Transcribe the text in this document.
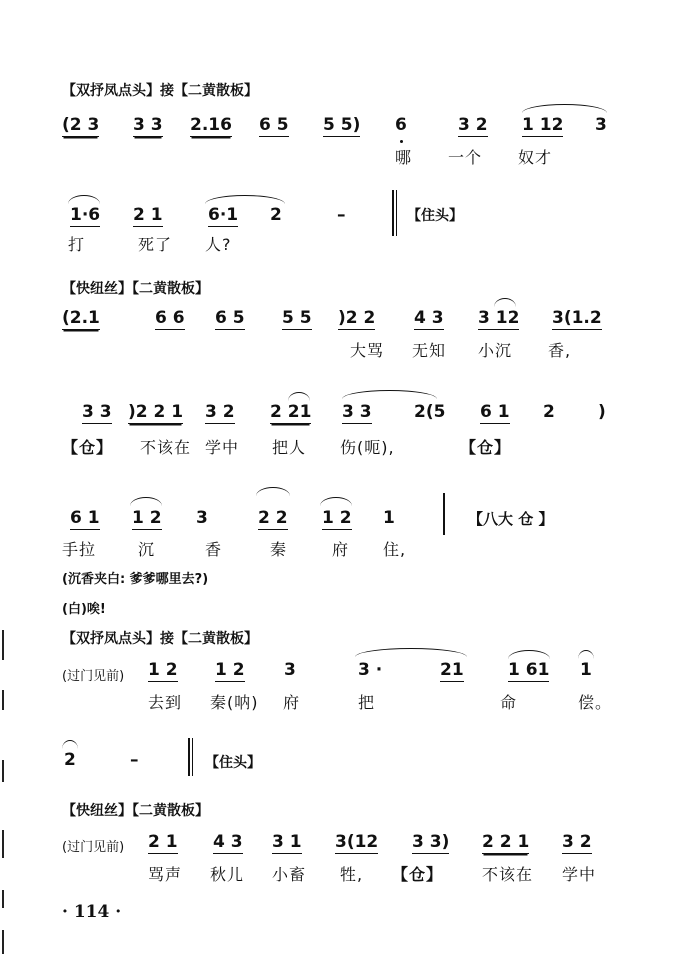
【双抒凤点头】接【二黄散板】
(2 3 3 3 2.16 6 5 5 5) 6	3 2 1 12 3
哪 一个 奴才
1·6 2 1	6·1 2	–	【住头】
打	死了 人?
【快纽丝】【二黄散板】
(2.1	6 6 6 5 5 5 )2 2 4 3 3 12 3(1.2
大骂 无知 小沉 香,
3 3 )2 2 1 3 2 2 21 3 3 2(5 6 1 2	)
【仓】 不该在 学中 把人 伤(呃),	【仓】
6 1 1 2 3	2 2 1 2 1	【八大 仓 】
手拉	沉	香	秦	府 住,
(沉香夹白: 爹爹哪里去?)
(白)唉!
【双抒凤点头】接【二黄散板】
(过门见前) 1 2 1 2 3	3 ·	21	1 61 1
去到 秦(呐) 府	把	命	偿。
2	–	【住头】
【快纽丝】【二黄散板】
(过门见前) 2 1 4 3 3 1 3(12 3 3) 2 2 1 3 2
骂声 秋儿 小畜 牲, 【仓】 不该在 学中
· 114 ·
